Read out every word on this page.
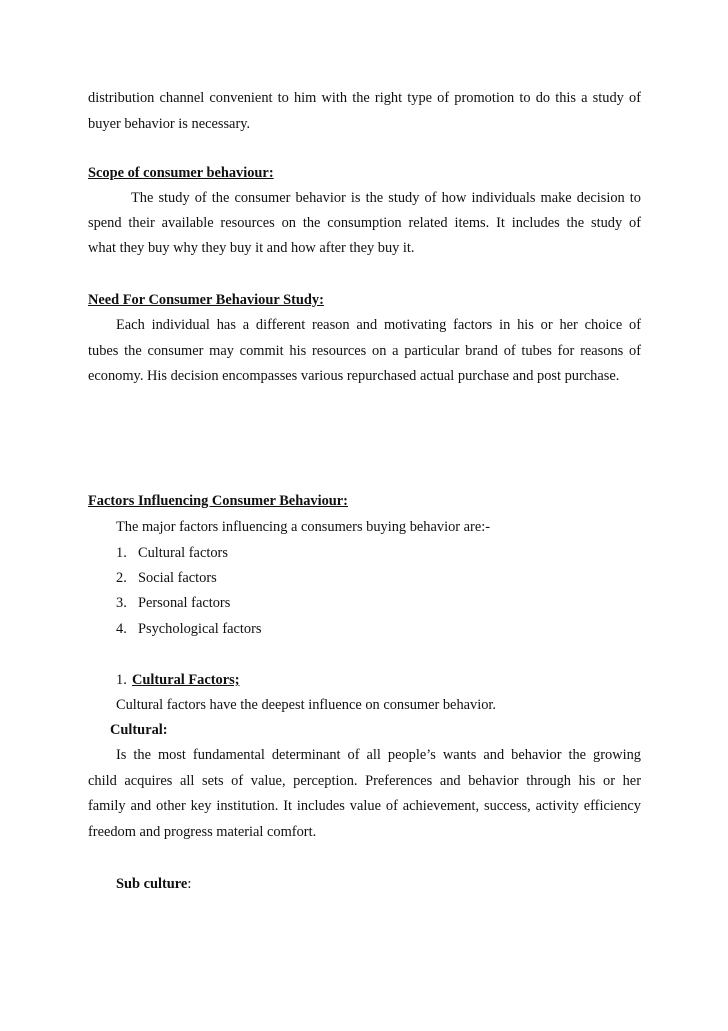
distribution channel convenient to him with the right type of promotion to do this a study of
buyer behavior is necessary.
Scope of consumer behaviour:
The study of the consumer behavior is the study of how individuals make decision to
spend their available resources on the consumption related items. It includes the study of
what they buy why they buy it and how after they buy it.
Need For Consumer Behaviour Study:
Each individual has a different reason and motivating factors in his or her choice of
tubes the consumer may commit his resources on a particular brand of tubes for reasons of
economy. His decision encompasses various repurchased actual purchase and post purchase.
Factors Influencing Consumer Behaviour:
The major factors influencing a consumers buying behavior are:-
1. Cultural factors
2. Social factors
3. Personal factors
4. Psychological factors
1. Cultural Factors;
Cultural factors have the deepest influence on consumer behavior.
Cultural:
Is the most fundamental determinant of all people’s wants and behavior the growing
child acquires all sets of value, perception. Preferences and behavior through his or her
family and other key institution. It includes value of achievement, success, activity efficiency
freedom and progress material comfort.
Sub culture:
